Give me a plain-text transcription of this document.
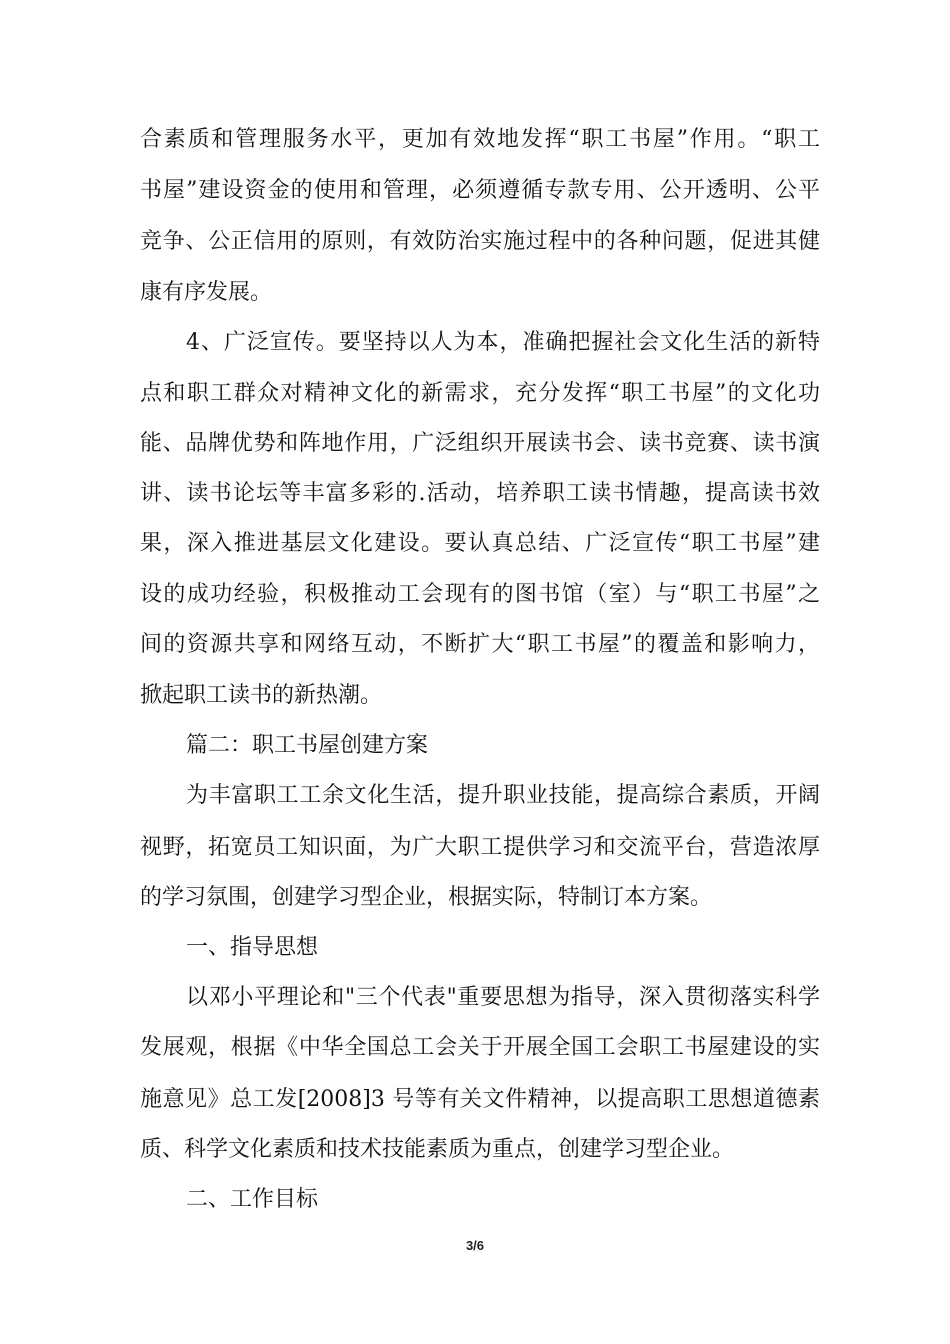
合素质和管理服务水平，更加有效地发挥“职工书屋”作用。“职工
书屋”建设资金的使用和管理，必须遵循专款专用、公开透明、公平
竞争、公正信用的原则，有效防治实施过程中的各种问题，促进其健
康有序发展。
4、广泛宣传。要坚持以人为本，准确把握社会文化生活的新特
点和职工群众对精神文化的新需求，充分发挥“职工书屋”的文化功
能、品牌优势和阵地作用，广泛组织开展读书会、读书竞赛、读书演
讲、读书论坛等丰富多彩的.活动，培养职工读书情趣，提高读书效
果，深入推进基层文化建设。要认真总结、广泛宣传“职工书屋”建
设的成功经验，积极推动工会现有的图书馆（室）与“职工书屋”之
间的资源共享和网络互动，不断扩大“职工书屋”的覆盖和影响力，
掀起职工读书的新热潮。
篇二：职工书屋创建方案
为丰富职工工余文化生活，提升职业技能，提高综合素质，开阔
视野，拓宽员工知识面，为广大职工提供学习和交流平台，营造浓厚
的学习氛围，创建学习型企业，根据实际，特制订本方案。
一、指导思想
以邓小平理论和"三个代表"重要思想为指导，深入贯彻落实科学
发展观，根据《中华全国总工会关于开展全国工会职工书屋建设的实
施意见》总工发[2008]3 号等有关文件精神，以提高职工思想道德素
质、科学文化素质和技术技能素质为重点，创建学习型企业。
二、工作目标
3/6
